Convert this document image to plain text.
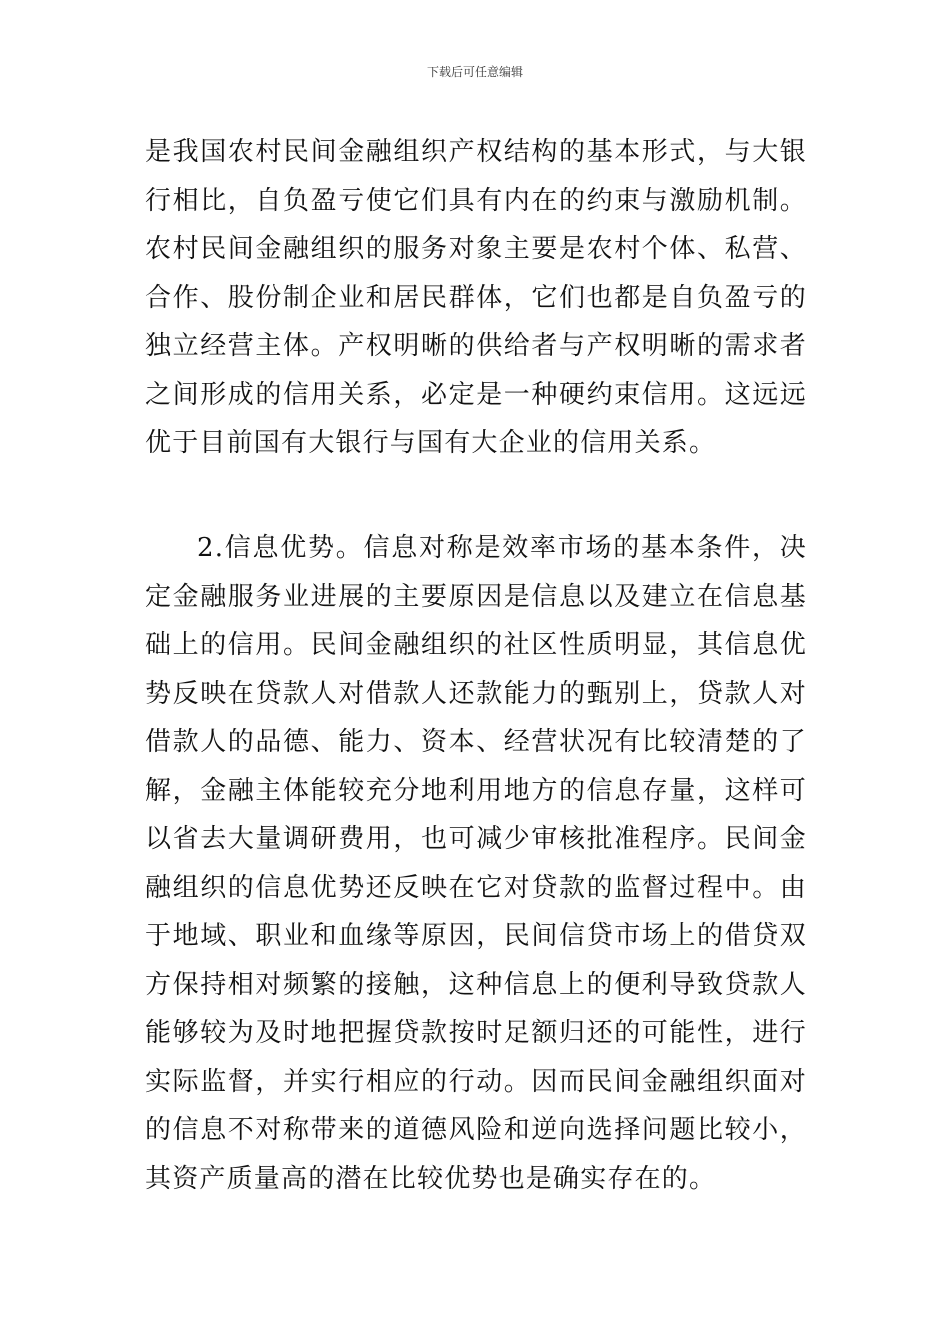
下载后可任意编辑

是我国农村民间金融组织产权结构的基本形式，与大银行相比，自负盈亏使它们具有内在的约束与激励机制。农村民间金融组织的服务对象主要是农村个体、私营、合作、股份制企业和居民群体，它们也都是自负盈亏的独立经营主体。产权明晰的供给者与产权明晰的需求者之间形成的信用关系，必定是一种硬约束信用。这远远优于目前国有大银行与国有大企业的信用关系。

2.信息优势。信息对称是效率市场的基本条件，决定金融服务业进展的主要原因是信息以及建立在信息基础上的信用。民间金融组织的社区性质明显，其信息优势反映在贷款人对借款人还款能力的甄别上，贷款人对借款人的品德、能力、资本、经营状况有比较清楚的了解，金融主体能较充分地利用地方的信息存量，这样可以省去大量调研费用，也可减少审核批准程序。民间金融组织的信息优势还反映在它对贷款的监督过程中。由于地域、职业和血缘等原因，民间信贷市场上的借贷双方保持相对频繁的接触，这种信息上的便利导致贷款人能够较为及时地把握贷款按时足额归还的可能性，进行实际监督，并实行相应的行动。因而民间金融组织面对的信息不对称带来的道德风险和逆向选择问题比较小，其资产质量高的潜在比较优势也是确实存在的。
